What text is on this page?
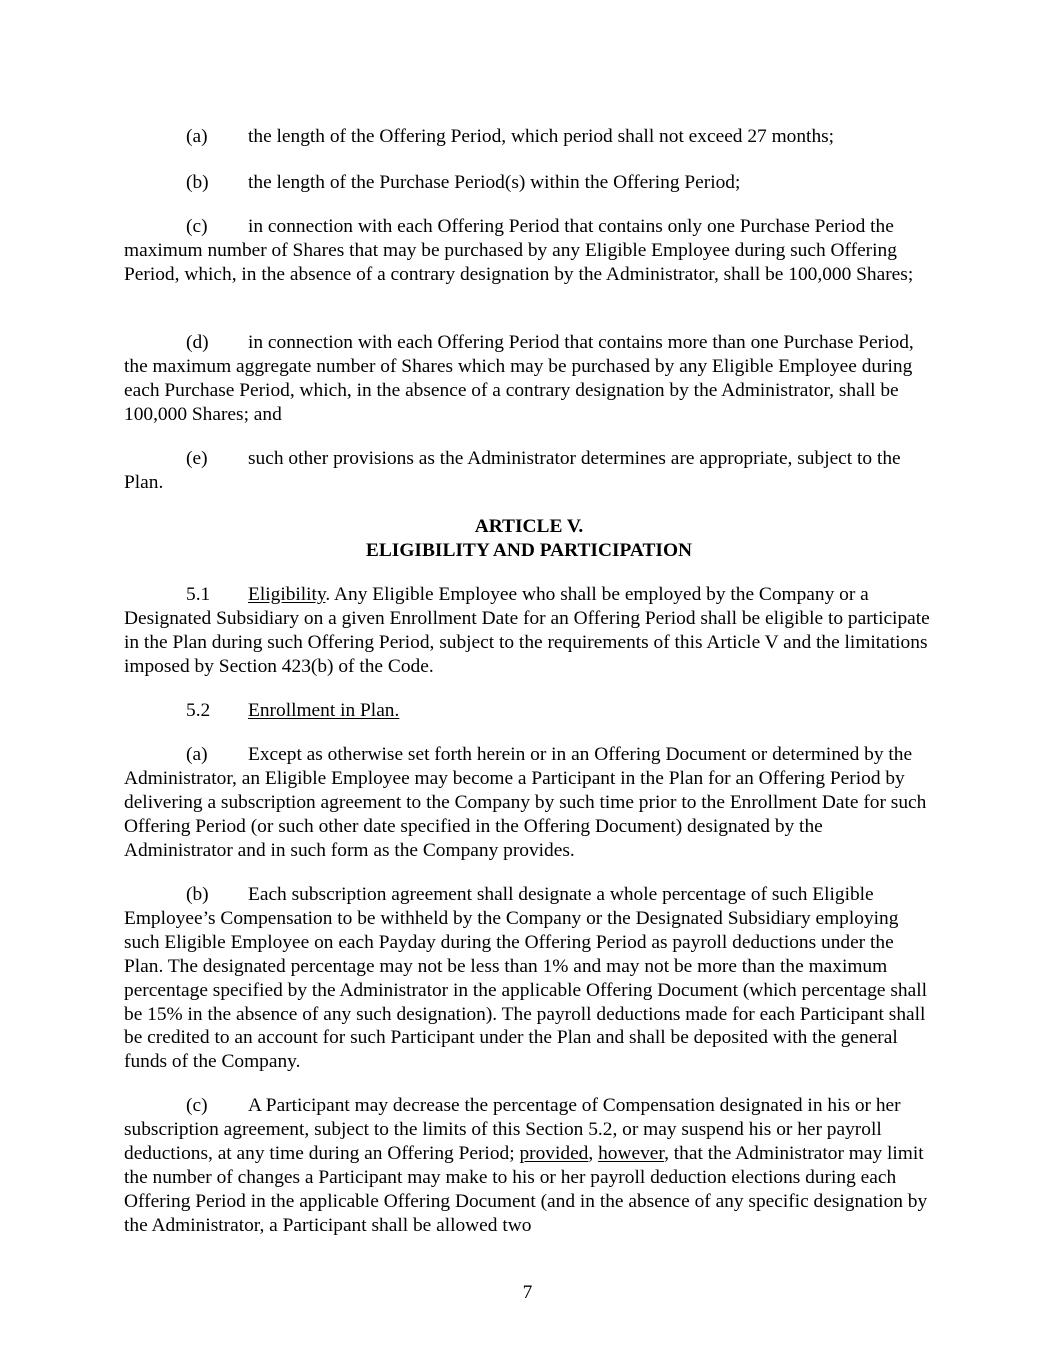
(a) the length of the Offering Period, which period shall not exceed 27 months;

(b) the length of the Purchase Period(s) within the Offering Period;

(c) in connection with each Offering Period that contains only one Purchase Period the maximum number of Shares that may be purchased by any Eligible Employee during such Offering Period, which, in the absence of a contrary designation by the Administrator, shall be 100,000 Shares;

(d) in connection with each Offering Period that contains more than one Purchase Period, the maximum aggregate number of Shares which may be purchased by any Eligible Employee during each Purchase Period, which, in the absence of a contrary designation by the Administrator, shall be 100,000 Shares; and

(e) such other provisions as the Administrator determines are appropriate, subject to the Plan.

ARTICLE V.

ELIGIBILITY AND PARTICIPATION

5.1 Eligibility. Any Eligible Employee who shall be employed by the Company or a Designated Subsidiary on a given Enrollment Date for an Offering Period shall be eligible to participate in the Plan during such Offering Period, subject to the requirements of this Article V and the limitations imposed by Section 423(b) of the Code.

5.2 Enrollment in Plan.

(a) Except as otherwise set forth herein or in an Offering Document or determined by the Administrator, an Eligible Employee may become a Participant in the Plan for an Offering Period by delivering a subscription agreement to the Company by such time prior to the Enrollment Date for such Offering Period (or such other date specified in the Offering Document) designated by the Administrator and in such form as the Company provides.

(b) Each subscription agreement shall designate a whole percentage of such Eligible Employee’s Compensation to be withheld by the Company or the Designated Subsidiary employing such Eligible Employee on each Payday during the Offering Period as payroll deductions under the Plan. The designated percentage may not be less than 1% and may not be more than the maximum percentage specified by the Administrator in the applicable Offering Document (which percentage shall be 15% in the absence of any such designation). The payroll deductions made for each Participant shall be credited to an account for such Participant under the Plan and shall be deposited with the general funds of the Company.

(c) A Participant may decrease the percentage of Compensation designated in his or her subscription agreement, subject to the limits of this Section 5.2, or may suspend his or her payroll deductions, at any time during an Offering Period; provided, however, that the Administrator may limit the number of changes a Participant may make to his or her payroll deduction elections during each Offering Period in the applicable Offering Document (and in the absence of any specific designation by the Administrator, a Participant shall be allowed two

7
